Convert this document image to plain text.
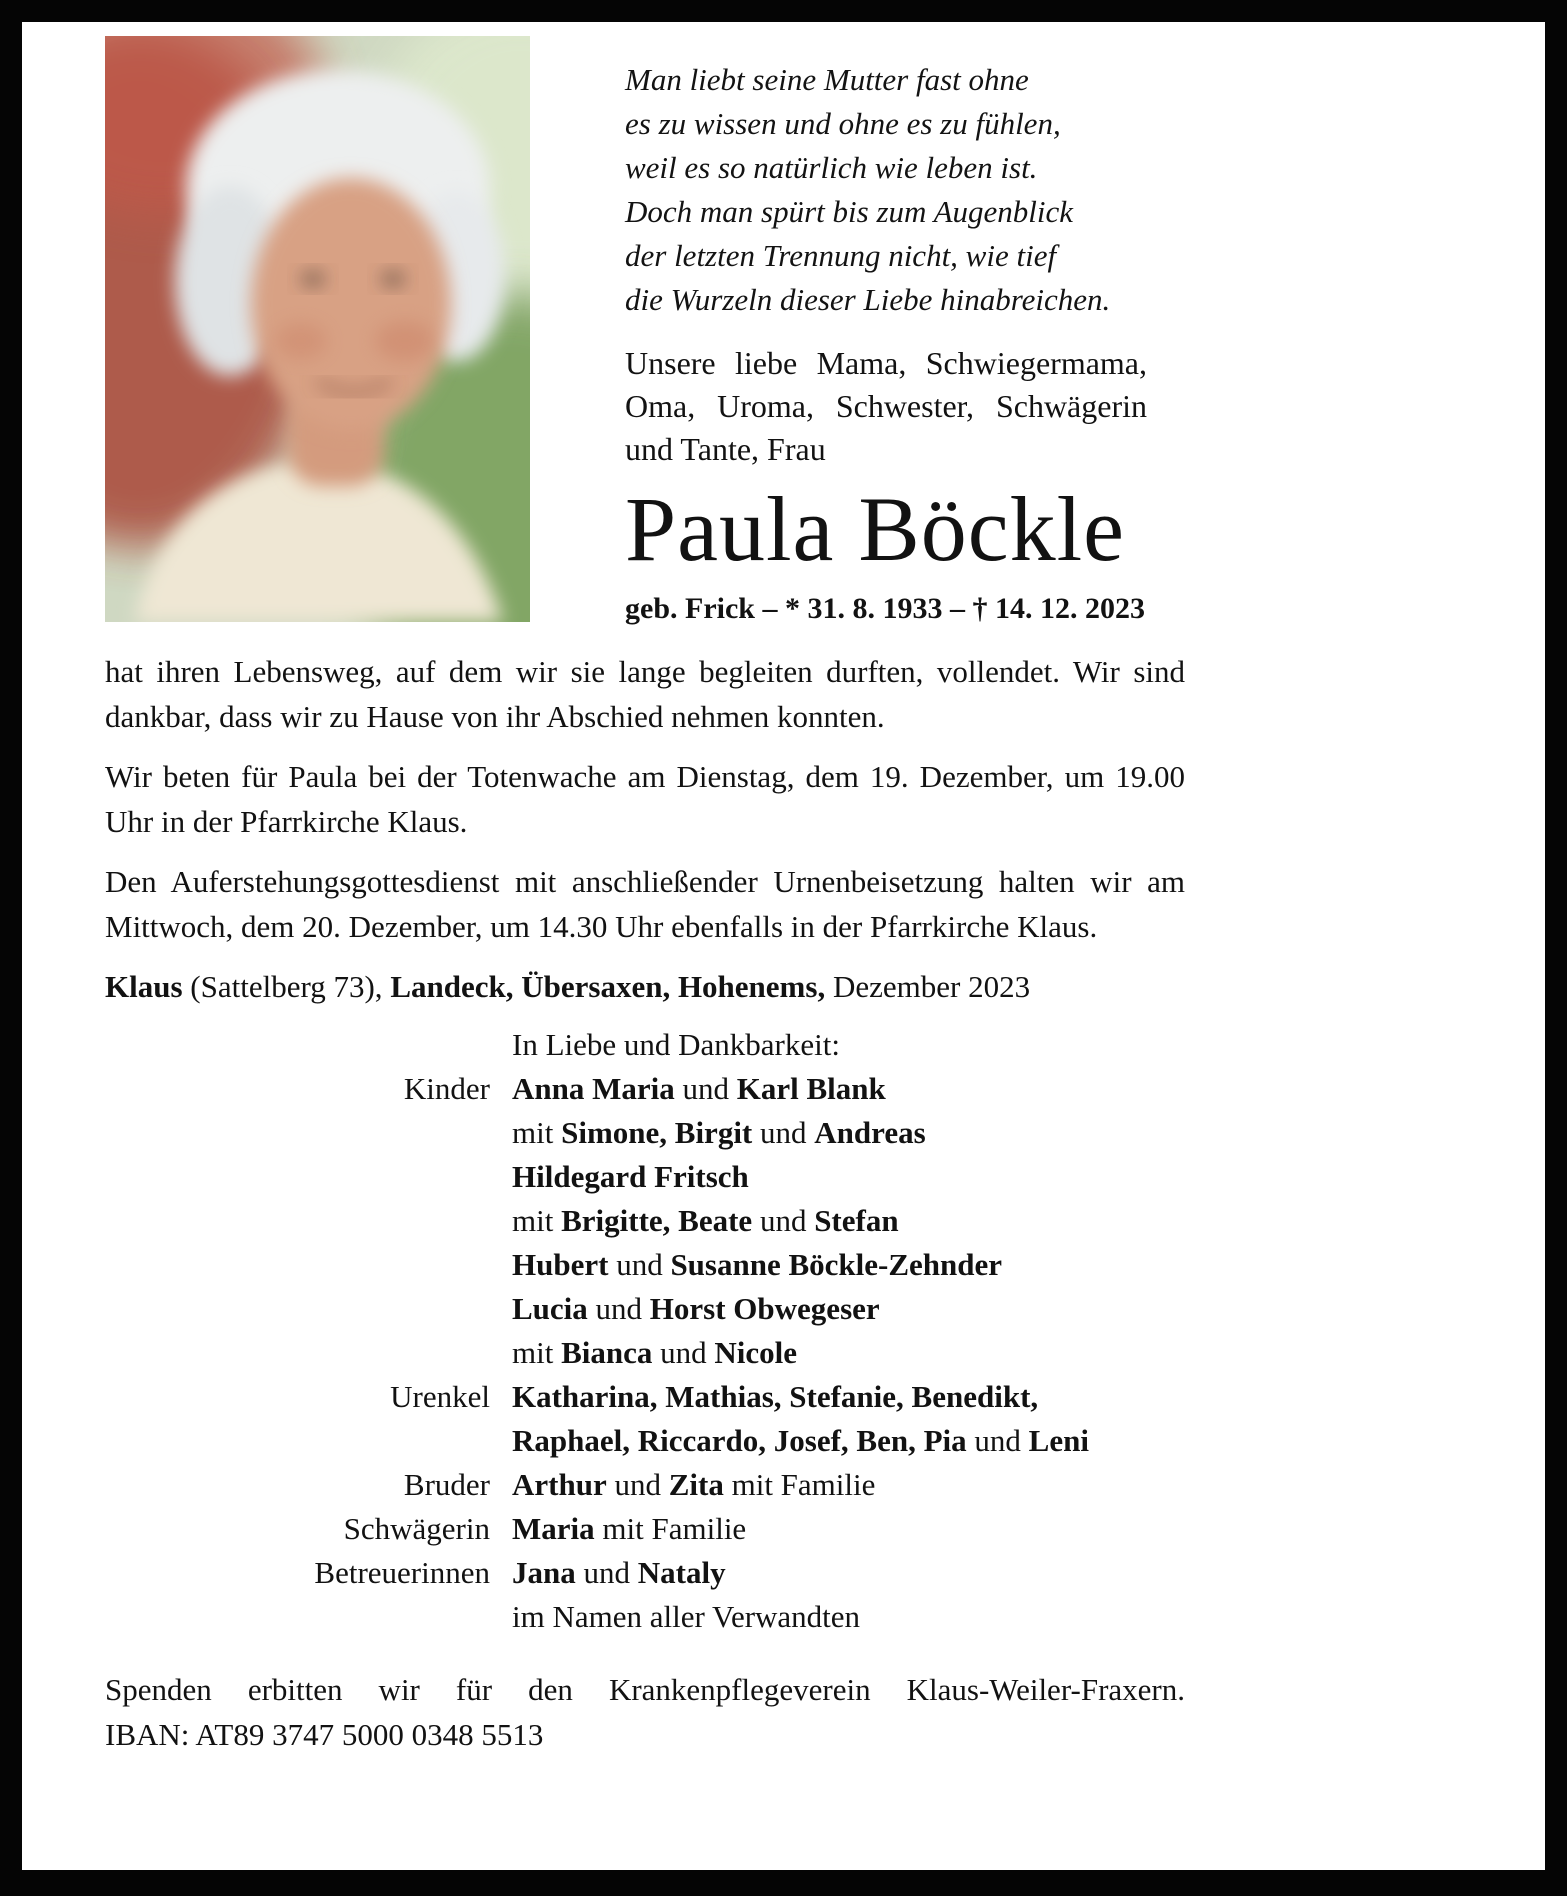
Man liebt seine Mutter fast ohne
es zu wissen und ohne es zu fühlen,
weil es so natürlich wie leben ist.
Doch man spürt bis zum Augenblick
der letzten Trennung nicht, wie tief
die Wurzeln dieser Liebe hinabreichen.
Unsere liebe Mama, Schwiegermama, Oma, Uroma, Schwester, Schwägerin und Tante, Frau
Paula Böckle
geb. Frick – * 31. 8. 1933 – † 14. 12. 2023

hat ihren Lebensweg, auf dem wir sie lange begleiten durften, vollendet. Wir sind dankbar, dass wir zu Hause von ihr Abschied nehmen konnten.

Wir beten für Paula bei der Totenwache am Dienstag, dem 19. Dezember, um 19.00 Uhr in der Pfarrkirche Klaus.

Den Auferstehungsgottesdienst mit anschließender Urnenbeisetzung halten wir am Mittwoch, dem 20. Dezember, um 14.30 Uhr ebenfalls in der Pfarrkirche Klaus.

Klaus (Sattelberg 73), Landeck, Übersaxen, Hohenems, Dezember 2023
In Liebe und Dankbarkeit:
Kinder Anna Maria und Karl Blank
mit Simone, Birgit und Andreas
Hildegard Fritsch
mit Brigitte, Beate und Stefan
Hubert und Susanne Böckle-Zehnder
Lucia und Horst Obwegeser
mit Bianca und Nicole
Urenkel Katharina, Mathias, Stefanie, Benedikt,
Raphael, Riccardo, Josef, Ben, Pia und Leni
Bruder Arthur und Zita mit Familie
Schwägerin Maria mit Familie
Betreuerinnen Jana und Nataly
im Namen aller Verwandten
Spenden erbitten wir für den Krankenpflegeverein Klaus-Weiler-Fraxern.
IBAN: AT89 3747 5000 0348 5513
